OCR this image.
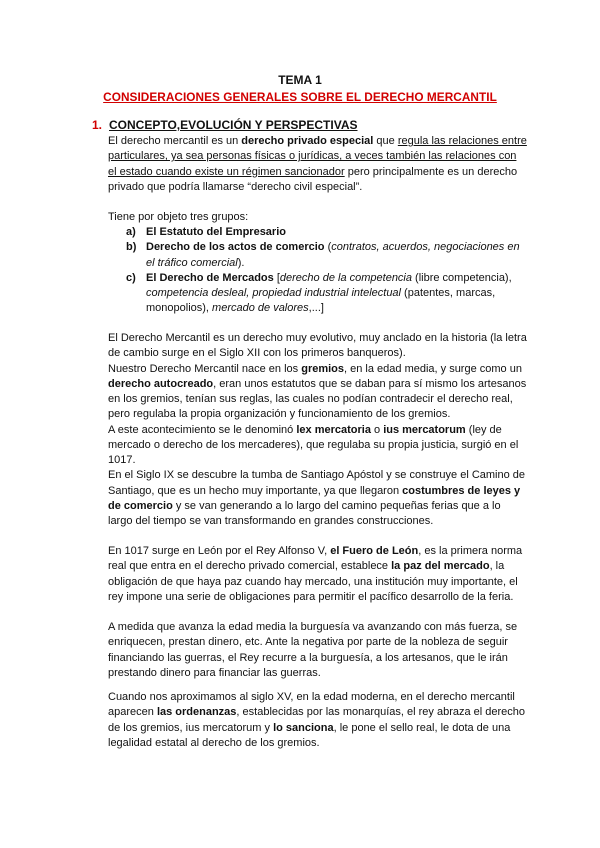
TEMA 1
CONSIDERACIONES GENERALES SOBRE EL DERECHO MERCANTIL
1. CONCEPTO,EVOLUCIÓN Y PERSPECTIVAS

El derecho mercantil es un derecho privado especial que regula las relaciones entre particulares, ya sea personas físicas o jurídicas, a veces también las relaciones con el estado cuando existe un régimen sancionador pero principalmente es un derecho privado que podría llamarse “derecho civil especial”.

Tiene por objeto tres grupos:
a) El Estatuto del Empresario
b) Derecho de los actos de comercio (contratos, acuerdos, negociaciones en el tráfico comercial).
c) El Derecho de Mercados [derecho de la competencia (libre competencia), competencia desleal, propiedad industrial intelectual (patentes, marcas, monopolios), mercado de valores,...]

El Derecho Mercantil es un derecho muy evolutivo, muy anclado en la historia (la letra de cambio surge en el Siglo XII con los primeros banqueros).

Nuestro Derecho Mercantil nace en los gremios, en la edad media, y surge como un derecho autocreado, eran unos estatutos que se daban para sí mismo los artesanos en los gremios, tenían sus reglas, las cuales no podían contradecir el derecho real, pero regulaba la propia organización y funcionamiento de los gremios.

A este acontecimiento se le denominó lex mercatoria o ius mercatorum (ley de mercado o derecho de los mercaderes), que regulaba su propia justicia, surgió en el 1017.

En el Siglo IX se descubre la tumba de Santiago Apóstol y se construye el Camino de Santiago, que es un hecho muy importante, ya que llegaron costumbres de leyes y de comercio y se van generando a lo largo del camino pequeñas ferias que a lo largo del tiempo se van transformando en grandes construcciones.

En 1017 surge en León por el Rey Alfonso V, el Fuero de León, es la primera norma real que entra en el derecho privado comercial, establece la paz del mercado, la obligación de que haya paz cuando hay mercado, una institución muy importante, el rey impone una serie de obligaciones para permitir el pacífico desarrollo de la feria.

A medida que avanza la edad media la burguesía va avanzando con más fuerza, se enriquecen, prestan dinero, etc. Ante la negativa por parte de la nobleza de seguir financiando las guerras, el Rey recurre a la burguesía, a los artesanos, que le irán prestando dinero para financiar las guerras.

Cuando nos aproximamos al siglo XV, en la edad moderna, en el derecho mercantil aparecen las ordenanzas, establecidas por las monarquías, el rey abraza el derecho de los gremios, ius mercatorum y lo sanciona, le pone el sello real, le dota de una legalidad estatal al derecho de los gremios.
